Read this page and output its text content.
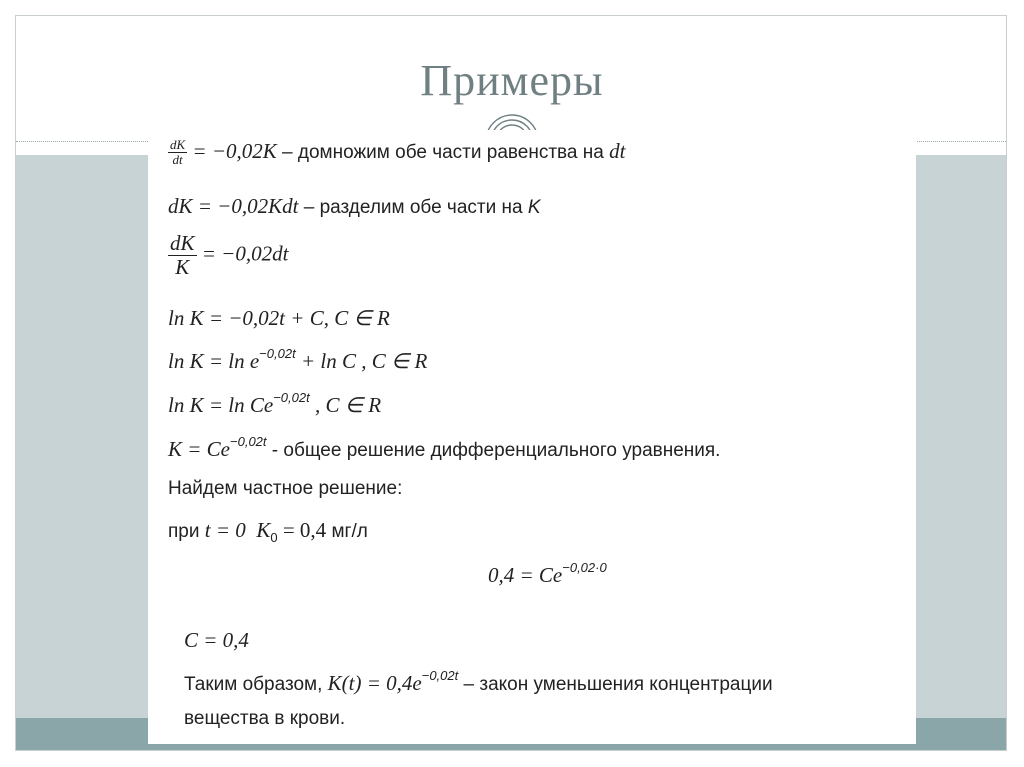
Примеры
$\frac{dK}{dt} = -0,02K$ – домножим обе части равенства на dt
dK = −0,02Kdt – разделим обе части на K
$\frac{dK}{K} = -0,02dt$
ln K = −0,02t + C, C ∈ R
$\ln K = \ln e^{-0,02t} + \ln C$ , C ∈ R
$\ln K = \ln Ce^{-0,02t}$ , C ∈ R
$K = Ce^{-0,02t}$ - общее решение дифференциального уравнения.
Найдем частное решение:
при t = 0 $K_0 = 0,4$ мг/л
$0,4 = Ce^{-0,02\cdot 0}$
C = 0,4
Таким образом, $K(t) = 0,4e^{-0,02t}$ – закон уменьшения концентрации
вещества в крови.
